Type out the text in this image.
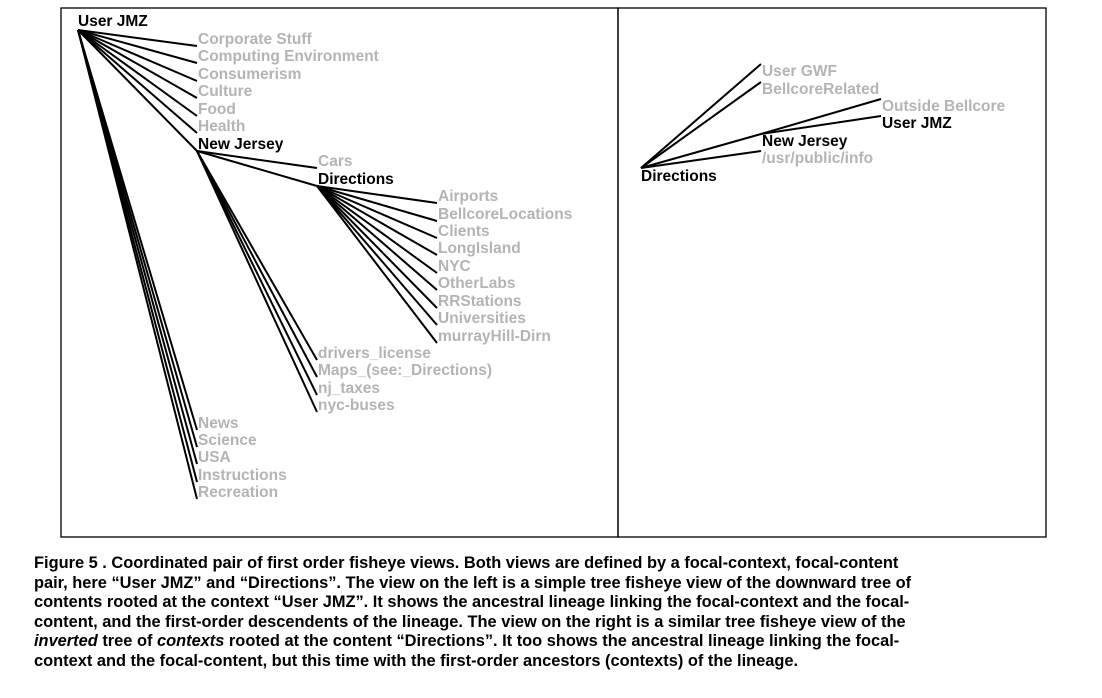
User JMZ
Corporate Stuff
Computing Environment
Consumerism
Culture
Food
Health
New Jersey
News
Science
USA
Instructions
Recreation
Cars
Directions
drivers_license
Maps_(see:_Directions)
nj_taxes
nyc-buses
Airports
BellcoreLocations
Clients
LongIsland
NYC
OtherLabs
RRStations
Universities
murrayHill-Dirn
Directions
User GWF
BellcoreRelated
New Jersey
/usr/public/info
Outside Bellcore
User JMZ
Figure 5 . Coordinated pair of first order fisheye views. Both views are defined by a focal-context, focal-content
pair, here “User JMZ” and “Directions”. The view on the left is a simple tree fisheye view of the downward tree of
contents rooted at the context “User JMZ”. It shows the ancestral lineage linking the focal-context and the focal-
content, and the first-order descendents of the lineage. The view on the right is a similar tree fisheye view of the
inverted tree of contexts rooted at the content “Directions”. It too shows the ancestral lineage linking the focal-
context and the focal-content, but this time with the first-order ancestors (contexts) of the lineage.
